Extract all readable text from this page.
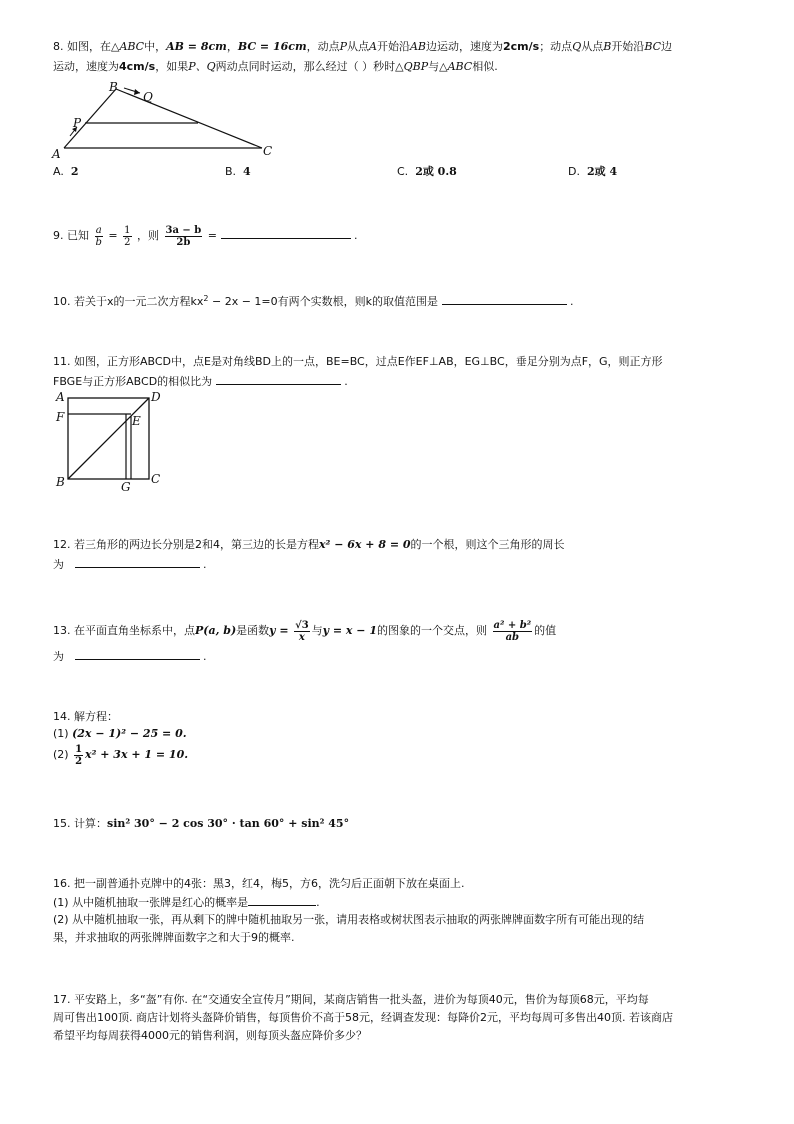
8. 如图，在△ABC中，AB = 8cm，BC = 16cm，动点P从点A开始沿AB边运动，速度为2cm/s；动点Q从点B开始沿BC边
运动，速度为4cm/s，如果P、Q两动点同时运动，那么经过（ ）秒时△QBP与△ABC相似.
A
B
C
P
Q
A. 2	B. 4	C. 2或 0.8	D. 2或 4
9. 已知 $\frac{a}{b} = \frac{1}{2}$ ，则 $\frac{3a - b}{2b}$ =	.
10. 若关于x的一元二次方程$kx^2 - 2x - 1=0$有两个实数根，则k的取值范围是	.
11. 如图，正方形ABCD中，点E是对角线BD上的一点，BE=BC，过点E作EF⊥AB，EG⊥BC，垂足分别为点F，G，则正方形
FBGE与正方形ABCD的相似比为	.
A	D
F	E
B	G
C
12. 若三角形的两边长分别是2和4，第三边的长是方程x² − 6x + 8 = 0的一个根，则这个三角形的周长
为	.
13. 在平面直角坐标系中，点P(a, b)是函数$y = \frac{√3}{x}$ 与y = x − 1的图象的一个交点，则 $\frac{\text{a² + b²}}{ab}$ 的值
为	.
14. 解方程：
(1) (2x − 1)² − 25 = 0.
$(2) \frac{1}{2} x^2 + 3x + 1 = 10$.
15. 计算：sin² 30° − 2 cos 30° · tan 60° + sin² 45°
16. 把一副普通扑克牌中的4张：黑3，红4，梅5，方6，洗匀后正面朝下放在桌面上.
(1) 从中随机抽取一张牌是红心的概率是	.
(2) 从中随机抽取一张，再从剩下的牌中随机抽取另一张，请用表格或树状图表示抽取的两张牌牌面数字所有可能出现的结
果，并求抽取的两张牌牌面数字之和大于9的概率.
17. 平安路上，多“盔”有你. 在“交通安全宣传月”期间，某商店销售一批头盔，进价为每顶40元，售价为每顶68元，平均每
周可售出100顶. 商店计划将头盔降价销售，每顶售价不高于58元，经调查发现：每降价2元，平均每周可多售出40顶. 若该商店
希望平均每周获得4000元的销售利润，则每顶头盔应降价多少？
